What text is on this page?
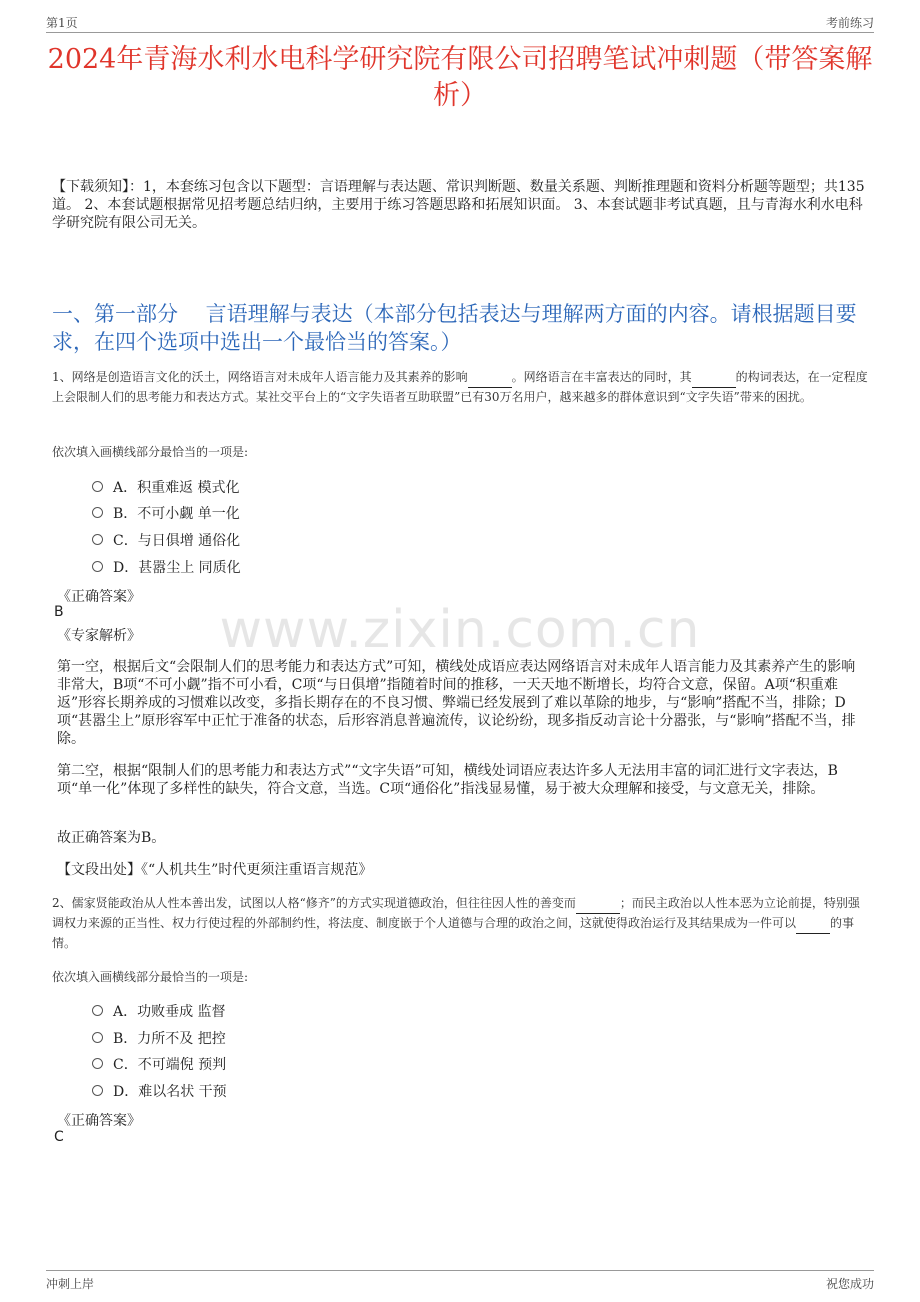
第1页	考前练习
2024年青海水利水电科学研究院有限公司招聘笔试冲刺题（带答案解析）
【下载须知】：1，本套练习包含以下题型：言语理解与表达题、常识判断题、数量关系题、判断推理题和资料分析题等题型；共135道。 2、本套试题根据常见招考题总结归纳，主要用于练习答题思路和拓展知识面。 3、本套试题非考试真题，且与青海水利水电科学研究院有限公司无关。
一、第一部分　 言语理解与表达（本部分包括表达与理解两方面的内容。请根据题目要求，在四个选项中选出一个最恰当的答案。）
1、网络是创造语言文化的沃土，网络语言对未成年人语言能力及其素养的影响	。网络语言在丰富表达的同时，其	的构词表达，在一定程度上会限制人们的思考能力和表达方式。某社交平台上的“文字失语者互助联盟”已有30万名用户，越来越多的群体意识到“文字失语”带来的困扰。
依次填入画横线部分最恰当的一项是:
A．积重难返 模式化
B．不可小觑 单一化
C．与日俱增 通俗化
D．甚嚣尘上 同质化
《正确答案》
B
《专家解析》	www.zixin.com.cn
第一空，根据后文“会限制人们的思考能力和表达方式”可知，横线处成语应表达网络语言对未成年人语言能力及其素养产生的影响非常大，B项“不可小觑”指不可小看，C项“与日俱增”指随着时间的推移，一天天地不断增长，均符合文意，保留。A项“积重难返”形容长期养成的习惯难以改变，多指长期存在的不良习惯、弊端已经发展到了难以革除的地步，与“影响”搭配不当，排除；D项“甚嚣尘上”原形容军中正忙于准备的状态，后形容消息普遍流传，议论纷纷，现多指反动言论十分嚣张，与“影响”搭配不当，排除。
第二空，根据“限制人们的思考能力和表达方式”“文字失语”可知，横线处词语应表达许多人无法用丰富的词汇进行文字表达，B项“单一化”体现了多样性的缺失，符合文意，当选。C项“通俗化”指浅显易懂，易于被大众理解和接受，与文意无关，排除。
故正确答案为B。
【文段出处】《“人机共生”时代更须注重语言规范》
2、儒家贤能政治从人性本善出发，试图以人格“修齐”的方式实现道德政治，但往往因人性的善变而	；而民主政治以人性本恶为立论前提，特别强调权力来源的正当性、权力行使过程的外部制约性，将法度、制度嵌于个人道德与合理的政治之间，这就使得政治运行及其结果成为一件可以	的事情。
依次填入画横线部分最恰当的一项是:
A．功败垂成 监督
B．力所不及 把控
C．不可端倪 预判
D．难以名状 干预
《正确答案》
C
冲刺上岸	祝您成功
